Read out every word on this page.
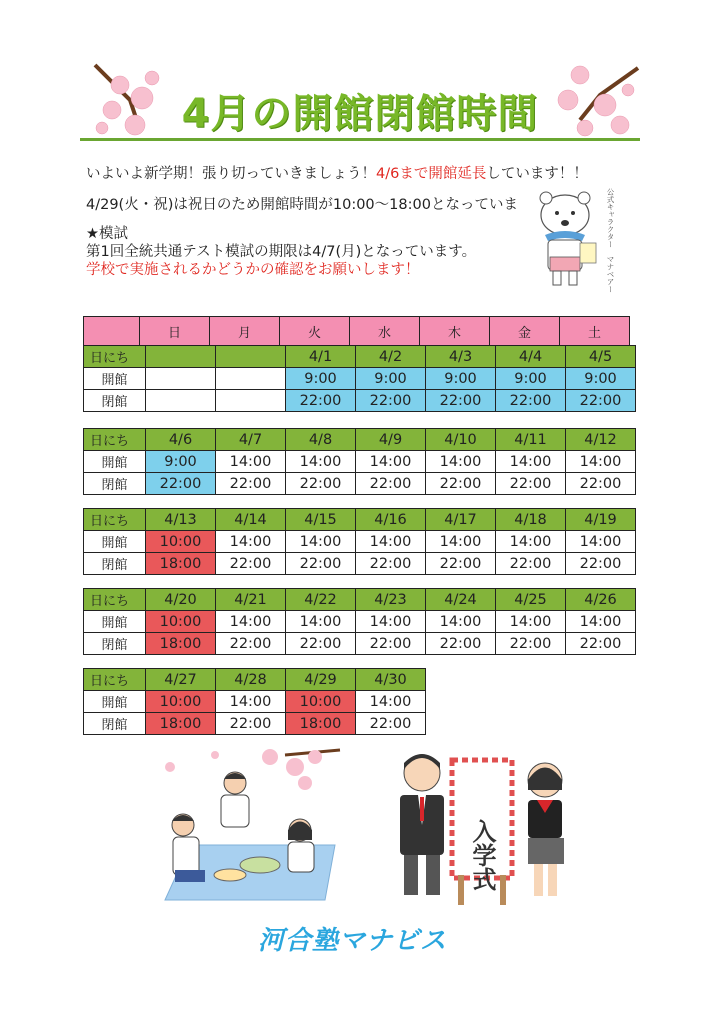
4月の開館閉館時間
いよいよ新学期！張り切っていきましょう！4/6まで開館延長しています！！
4/29(火・祝)は祝日のため開館時間が10:00～18:00となっていま
★模試
第1回全統共通テスト模試の期限は4/7(月)となっています。
学校で実施されるかどうかの確認をお願いします！	公式キャラクター　マナベアー
	日	月	火	水	木	金	土
日にち			4/1	4/2	4/3	4/4	4/5
開館			9:00	9:00	9:00	9:00	9:00
閉館			22:00	22:00	22:00	22:00	22:00
日にち	4/6	4/7	4/8	4/9	4/10	4/11	4/12
開館	9:00	14:00	14:00	14:00	14:00	14:00	14:00
閉館	22:00	22:00	22:00	22:00	22:00	22:00	22:00
日にち	4/13	4/14	4/15	4/16	4/17	4/18	4/19
開館	10:00	14:00	14:00	14:00	14:00	14:00	14:00
閉館	18:00	22:00	22:00	22:00	22:00	22:00	22:00
日にち	4/20	4/21	4/22	4/23	4/24	4/25	4/26
開館	10:00	14:00	14:00	14:00	14:00	14:00	14:00
閉館	18:00	22:00	22:00	22:00	22:00	22:00	22:00
日にち	4/27	4/28	4/29	4/30
開館	10:00	14:00	10:00	14:00
閉館	18:00	22:00	18:00	22:00
入学式
河合塾マナビス
